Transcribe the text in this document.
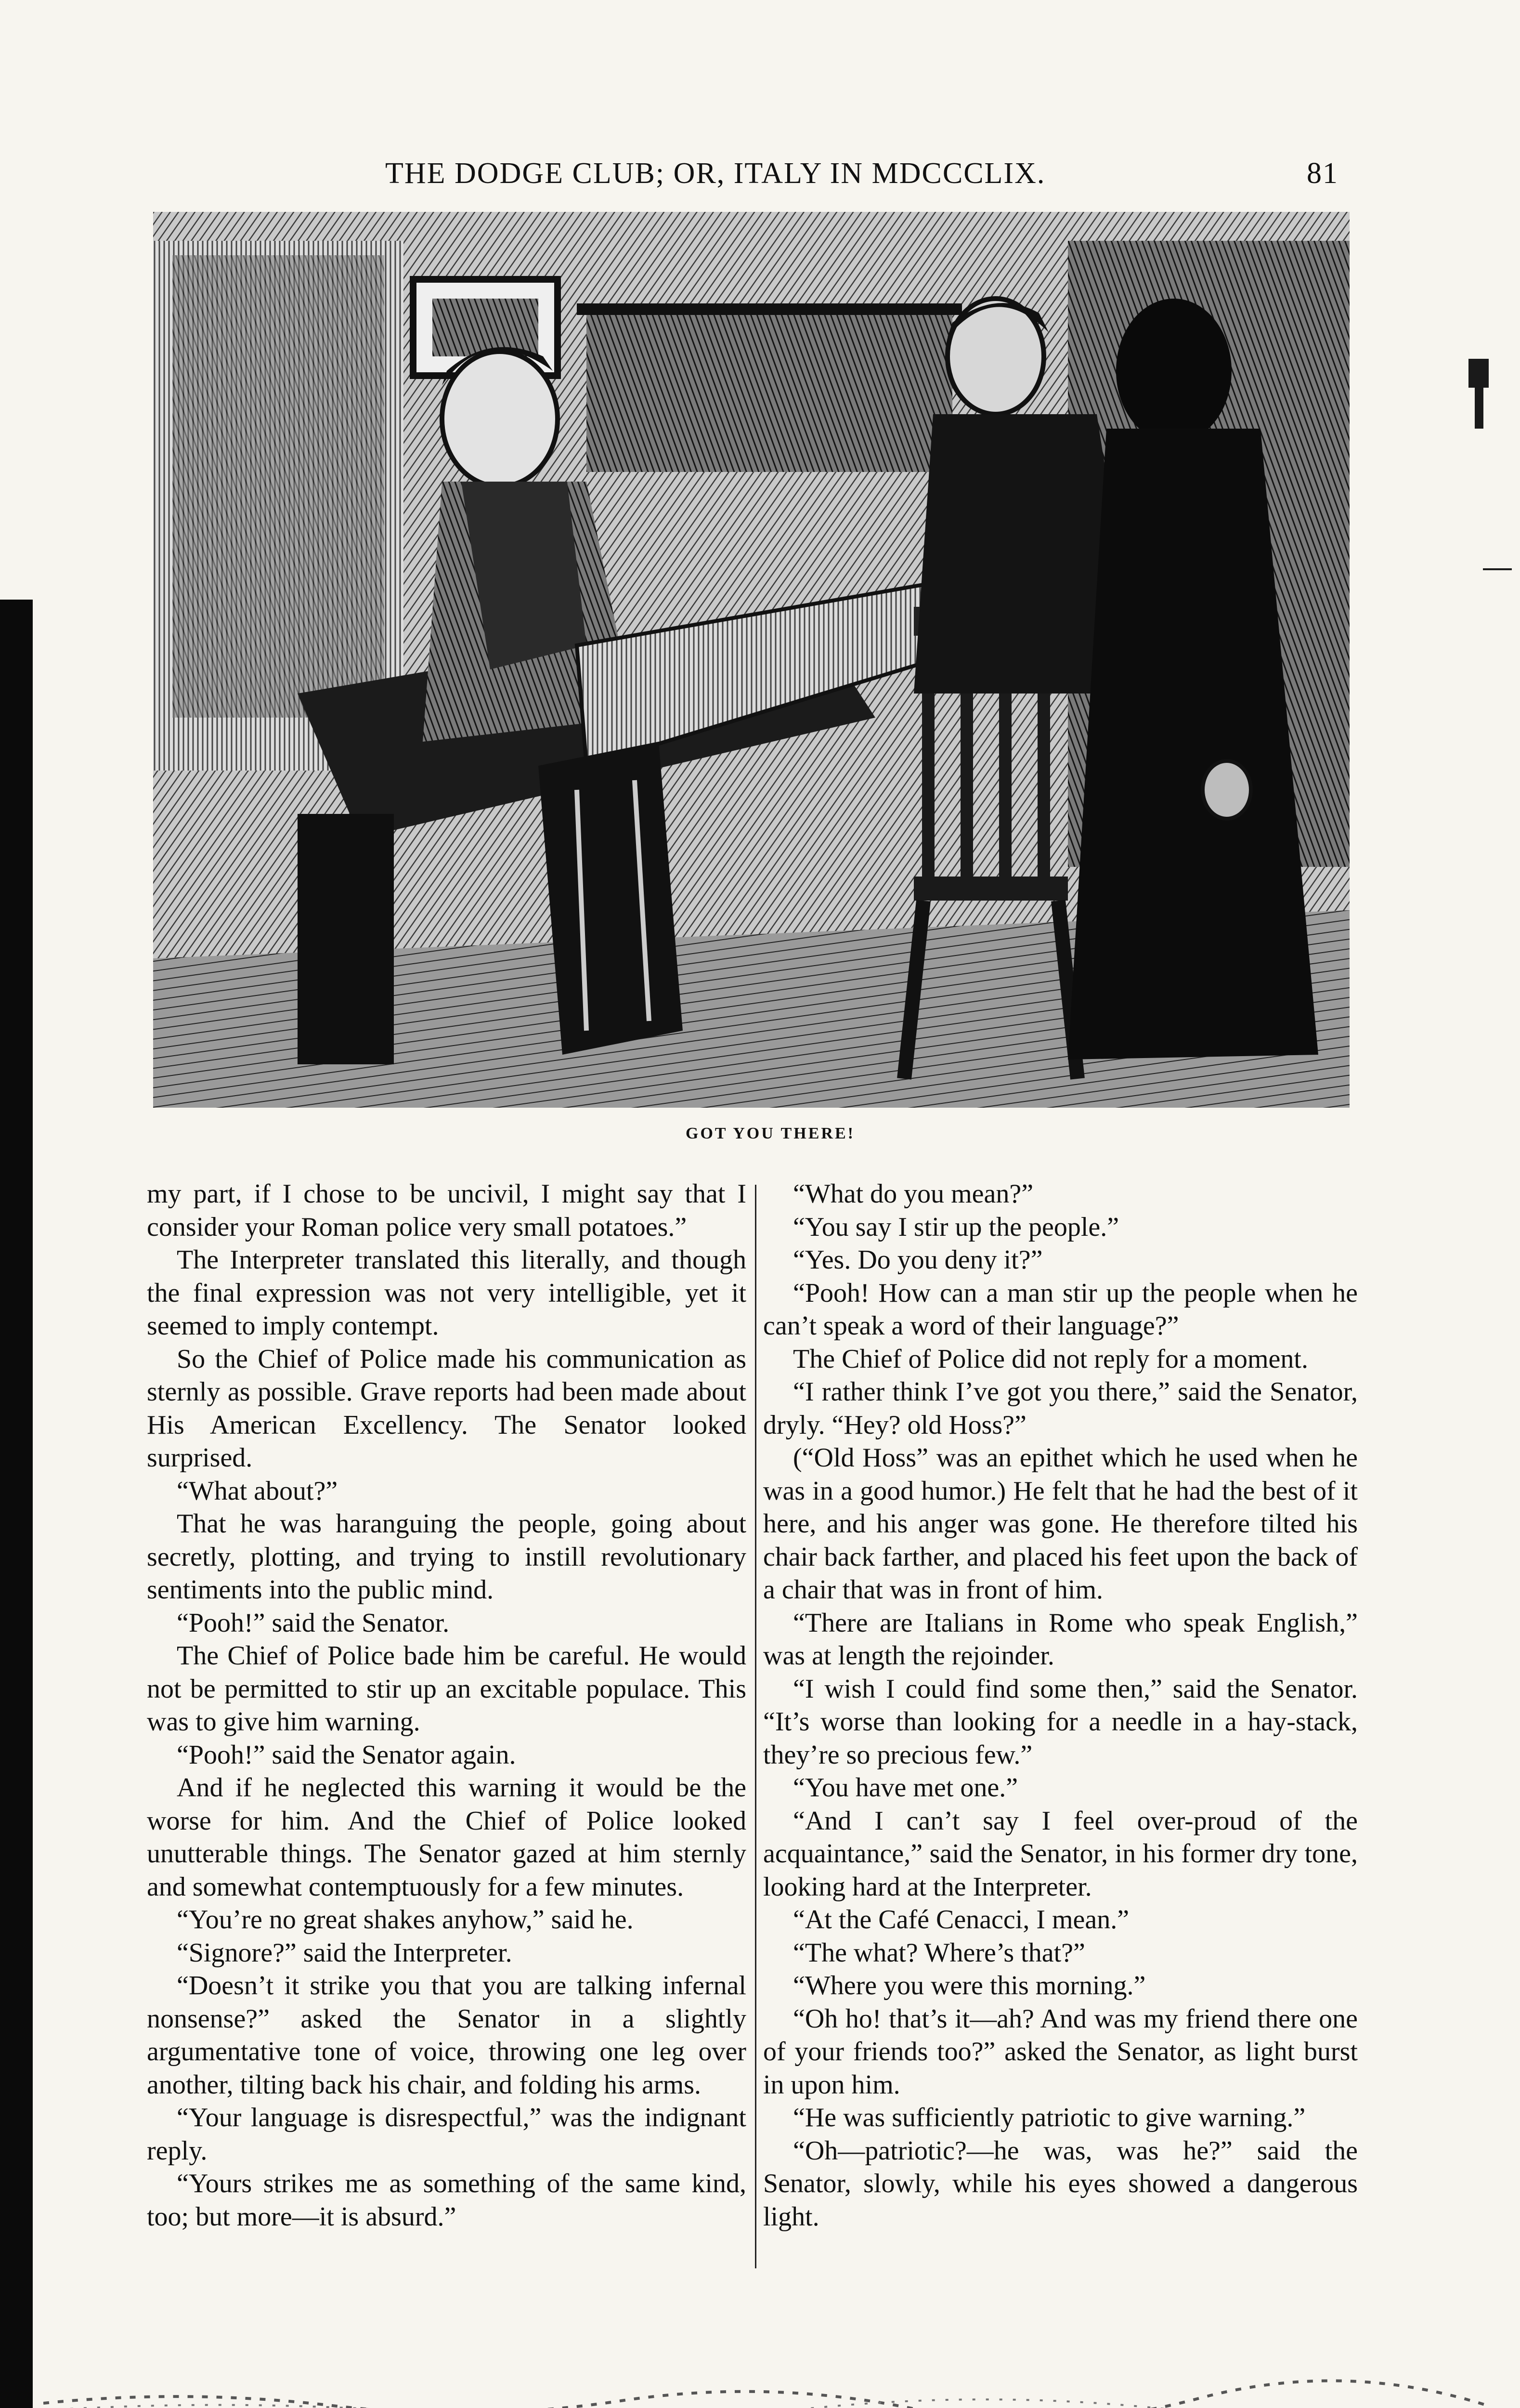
THE DODGE CLUB; OR, ITALY IN MDCCCLIX.	81
GOT YOU THERE!

my part, if I chose to be uncivil, I might say that I consider your Roman police very small potatoes.”

The Interpreter translated this literally, and though the final expression was not very intelligible, yet it seemed to imply contempt.

So the Chief of Police made his communication as sternly as possible. Grave reports had been made about His American Excellency. The Senator looked surprised.

“What about?”

That he was haranguing the people, going about secretly, plotting, and trying to instill revolutionary sentiments into the public mind.

“Pooh!” said the Senator.

The Chief of Police bade him be careful. He would not be permitted to stir up an excitable populace. This was to give him warning.

“Pooh!” said the Senator again.

And if he neglected this warning it would be the worse for him. And the Chief of Police looked unutterable things. The Senator gazed at him sternly and somewhat contemptuously for a few minutes.

“You’re no great shakes anyhow,” said he.

“Signore?” said the Interpreter.

“Doesn’t it strike you that you are talking infernal nonsense?” asked the Senator in a slightly argumentative tone of voice, throwing one leg over another, tilting back his chair, and folding his arms.

“Your language is disrespectful,” was the indignant reply.

“Yours strikes me as something of the same kind, too; but more—it is absurd.”

“What do you mean?”

“You say I stir up the people.”

“Yes. Do you deny it?”

“Pooh! How can a man stir up the people when he can’t speak a word of their language?”

The Chief of Police did not reply for a moment.

“I rather think I’ve got you there,” said the Senator, dryly. “Hey? old Hoss?”

(“Old Hoss” was an epithet which he used when he was in a good humor.) He felt that he had the best of it here, and his anger was gone. He therefore tilted his chair back farther, and placed his feet upon the back of a chair that was in front of him.

“There are Italians in Rome who speak English,” was at length the rejoinder.

“I wish I could find some then,” said the Senator. “It’s worse than looking for a needle in a hay-stack, they’re so precious few.”

“You have met one.”

“And I can’t say I feel over-proud of the acquaintance,” said the Senator, in his former dry tone, looking hard at the Interpreter.

“At the Café Cenacci, I mean.”

“The what? Where’s that?”

“Where you were this morning.”

“Oh ho! that’s it—ah? And was my friend there one of your friends too?” asked the Senator, as light burst in upon him.

“He was sufficiently patriotic to give warning.”

“Oh—patriotic?—he was, was he?” said the Senator, slowly, while his eyes showed a dangerous light.
